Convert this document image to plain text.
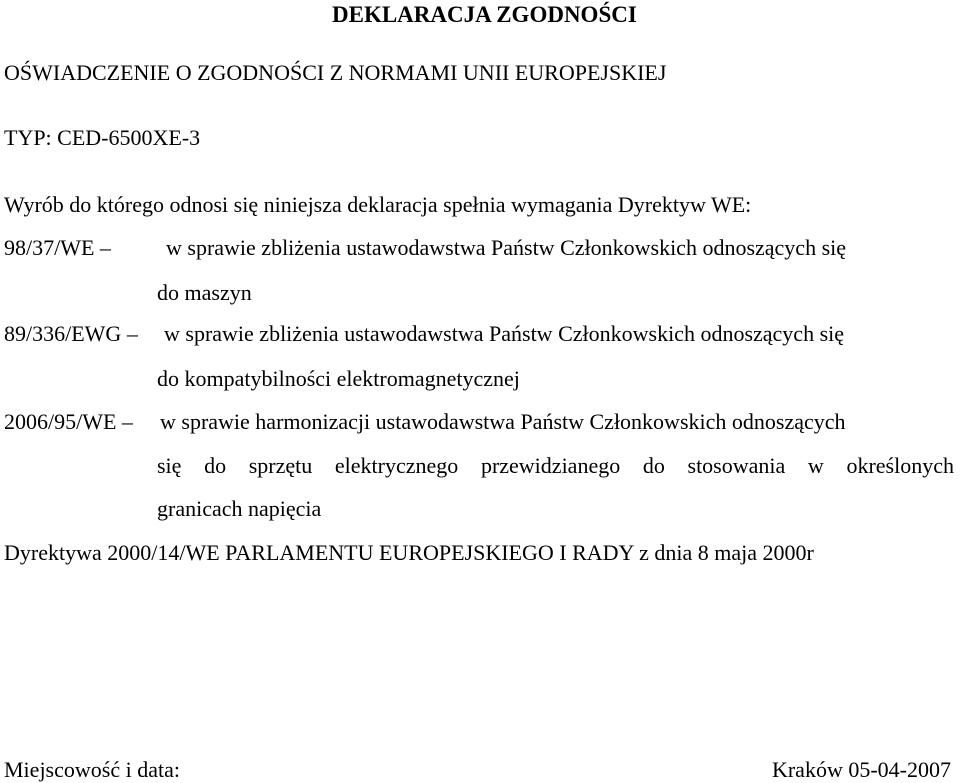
DEKLARACJA ZGODNOŚCI
OŚWIADCZENIE O ZGODNOŚCI Z NORMAMI UNII EUROPEJSKIEJ
TYP: CED-6500XE-3
Wyrób do którego odnosi się niniejsza deklaracja spełnia wymagania Dyrektyw WE:
98/37/WE –	w sprawie zbliżenia ustawodawstwa Państw Członkowskich odnoszących się
do maszyn
89/336/EWG – w sprawie zbliżenia ustawodawstwa Państw Członkowskich odnoszących się
do kompatybilności elektromagnetycznej
2006/95/WE – w sprawie harmonizacji ustawodawstwa Państw Członkowskich odnoszących
się do sprzętu elektrycznego przewidzianego do stosowania w określonych
granicach napięcia
Dyrektywa 2000/14/WE PARLAMENTU EUROPEJSKIEGO I RADY z dnia 8 maja 2000r
Miejscowość i data:	Kraków 05-04-2007
